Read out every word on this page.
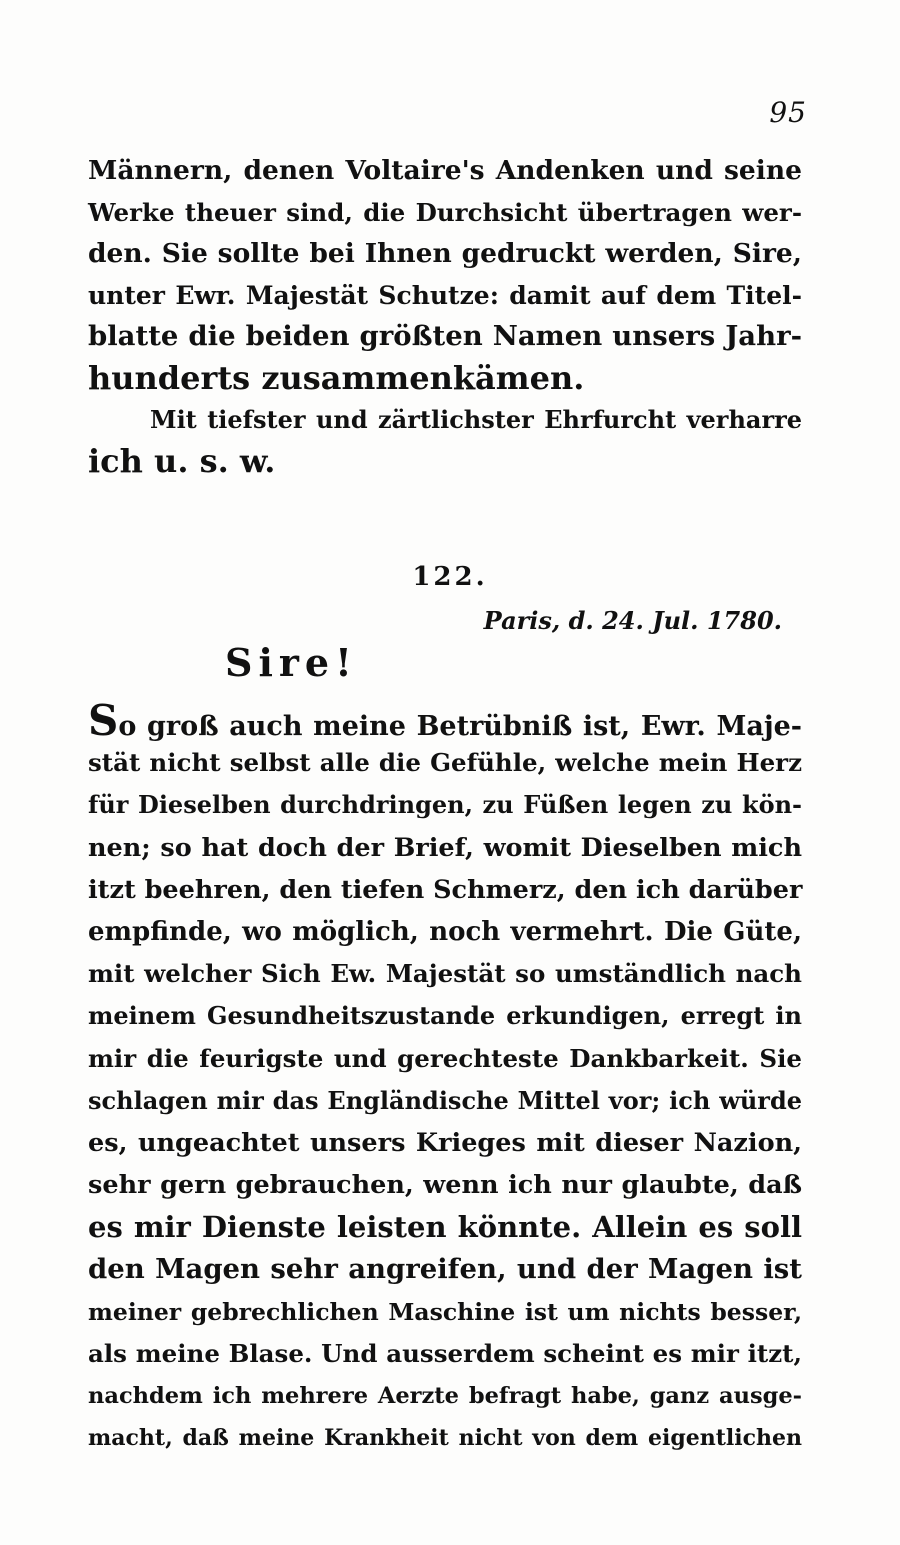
95
Männern, denen Voltaire's Andenken und seine
Werke theuer sind, die Durchsicht übertragen wer-
den. Sie sollte bei Ihnen gedruckt werden, Sire,
unter Ewr. Majestät Schutze: damit auf dem Titel-
blatte die beiden größten Namen unsers Jahr-
hunderts zusammenkämen.
Mit tiefster und zärtlichster Ehrfurcht verharre
ich u. s. w.
122.
Paris, d. 24. Jul. 1780.
Sire!
So groß auch meine Betrübniß ist, Ewr. Maje-
stät nicht selbst alle die Gefühle, welche mein Herz
für Dieselben durchdringen, zu Füßen legen zu kön-
nen; so hat doch der Brief, womit Dieselben mich
itzt beehren, den tiefen Schmerz, den ich darüber
empfinde, wo möglich, noch vermehrt. Die Güte,
mit welcher Sich Ew. Majestät so umständlich nach
meinem Gesundheitszustande erkundigen, erregt in
mir die feurigste und gerechteste Dankbarkeit. Sie
schlagen mir das Engländische Mittel vor; ich würde
es, ungeachtet unsers Krieges mit dieser Nazion,
sehr gern gebrauchen, wenn ich nur glaubte, daß
es mir Dienste leisten könnte. Allein es soll
den Magen sehr angreifen, und der Magen ist
meiner gebrechlichen Maschine ist um nichts besser,
als meine Blase. Und ausserdem scheint es mir itzt,
nachdem ich mehrere Aerzte befragt habe, ganz ausge-
macht, daß meine Krankheit nicht von dem eigentlichen
